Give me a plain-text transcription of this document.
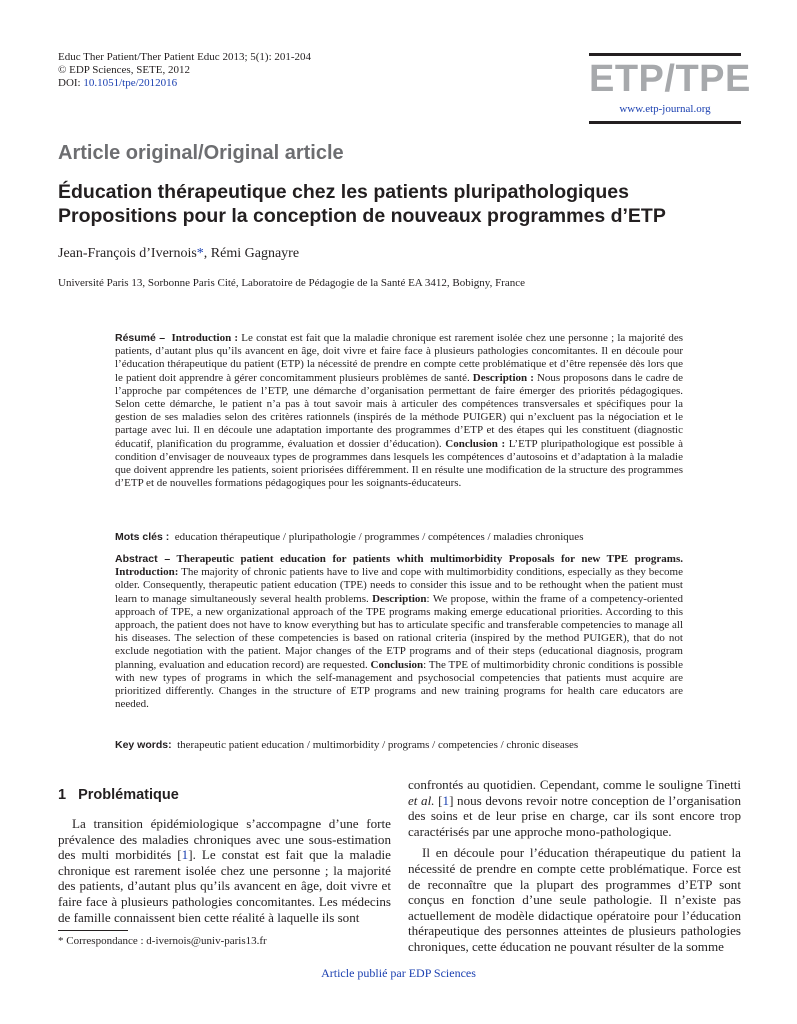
Educ Ther Patient/Ther Patient Educ 2013; 5(1): 201-204
© EDP Sciences, SETE, 2012
DOI: 10.1051/tpe/2012016	ETP/TPE
www.etp-journal.org
Article original/Original article
Éducation thérapeutique chez les patients pluripathologiques
Propositions pour la conception de nouveaux programmes d’ETP
Jean-François d’Ivernois*, Rémi Gagnayre
Université Paris 13, Sorbonne Paris Cité, Laboratoire de Pédagogie de la Santé EA 3412, Bobigny, France
Résumé – Introduction : Le constat est fait que la maladie chronique est rarement isolée chez une personne ; la majorité des patients, d’autant plus qu’ils avancent en âge, doit vivre et faire face à plusieurs pathologies concomitantes. Il en découle pour l’éducation thérapeutique du patient (ETP) la nécessité de prendre en compte cette problématique et d’être repensée dès lors que le patient doit apprendre à gérer concomitamment plusieurs problèmes de santé. Description : Nous proposons dans le cadre de l’approche par compétences de l’ETP, une démarche d’organisation permettant de faire émerger des priorités pédagogiques. Selon cette démarche, le patient n’a pas à tout savoir mais à articuler des compétences transversales et spécifiques pour la gestion de ses maladies selon des critères rationnels (inspirés de la méthode PUIGER) qui n’excluent pas la négociation et le partage avec lui. Il en découle une adaptation importante des programmes d’ETP et des étapes qui les constituent (diagnostic éducatif, planification du programme, évaluation et dossier d’éducation). Conclusion : L’ETP pluripathologique est possible à condition d’envisager de nouveaux types de programmes dans lesquels les compétences d’autosoins et d’adaptation à la maladie que doivent apprendre les patients, soient priorisées différemment. Il en résulte une modification de la structure des programmes d’ETP et de nouvelles formations pédagogiques pour les soignants-éducateurs.
Mots clés : education thérapeutique / pluripathologie / programmes / compétences / maladies chroniques
Abstract – Therapeutic patient education for patients whith multimorbidity Proposals for new TPE programs. Introduction: The majority of chronic patients have to live and cope with multimorbidity conditions, especially as they become older. Consequently, therapeutic patient education (TPE) needs to consider this issue and to be rethought when the patient must learn to manage simultaneously several health problems. Description: We propose, within the frame of a competency-oriented approach of TPE, a new organizational approach of the TPE programs making emerge educational priorities. According to this approach, the patient does not have to know everything but has to articulate specific and transferable competencies to manage all his diseases. The selection of these competencies is based on rational criteria (inspired by the method PUIGER), that do not exclude negotiation with the patient. Major changes of the ETP programs and of their steps (educational diagnosis, program planning, evaluation and education record) are requested. Conclusion: The TPE of multimorbidity chronic conditions is possible with new types of programs in which the self-management and psychosocial competencies that patients must acquire are prioritized differently. Changes in the structure of ETP programs and new training programs for health care educators are needed.
Key words: therapeutic patient education / multimorbidity / programs / competencies / chronic diseases
1 Problématique

La transition épidémiologique s’accompagne d’une forte prévalence des maladies chroniques avec une sous-estimation des multi morbidités [1]. Le constat est fait que la maladie chronique est rarement isolée chez une personne ; la majorité des patients, d’autant plus qu’ils avancent en âge, doit vivre et faire face à plusieurs pathologies concomitantes. Les médecins de famille connaissent bien cette réalité à laquelle ils sont

confrontés au quotidien. Cependant, comme le souligne Tinetti et al. [1] nous devons revoir notre conception de l’organisation des soins et de leur prise en charge, car ils sont encore trop caractérisés par une approche mono-pathologique.

Il en découle pour l’éducation thérapeutique du patient la nécessité de prendre en compte cette problématique. Force est de reconnaître que la plupart des programmes d’ETP sont conçus en fonction d’une seule pathologie. Il n’existe pas actuellement de modèle didactique opératoire pour l’éducation thérapeutique des personnes atteintes de plusieurs pathologies chroniques, cette éducation ne pouvant résulter de la somme

* Correspondance : d-ivernois@univ-paris13.fr
Article publié par EDP Sciences
